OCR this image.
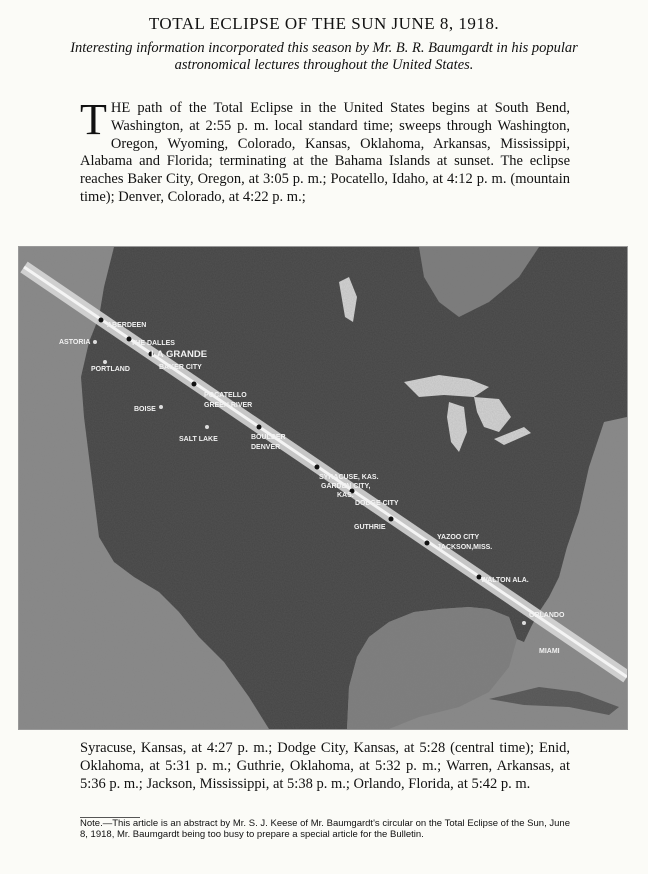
TOTAL ECLIPSE OF THE SUN JUNE 8, 1918.
Interesting information incorporated this season by Mr. B. R. Baumgardt in his popular astronomical lectures throughout the United States.
THE path of the Total Eclipse in the United States begins at South Bend, Washington, at 2:55 p. m. local standard time; sweeps through Washington, Oregon, Wyoming, Colorado, Kansas, Oklahoma, Arkansas, Mississippi, Alabama and Florida; terminating at the Bahama Islands at sunset. The eclipse reaches Baker City, Oregon, at 3:05 p. m.; Pocatello, Idaho, at 4:12 p. m. (mountain time); Denver, Colorado, at 4:22 p. m.;
ASTORIA
ABERDEEN
THE DALLES
LA GRANDE
PORTLAND	BAKER CITY
BOISE
POCATELLO
GREEN RIVER
SALT LAKE	BOULDER
DENVER
SYRACUSE, KAS.
GARDEN CITY,
KAS.
DODGE CITY
GUTHRIE
YAZOO CITY
JACKSON,MISS.
WALTON ALA.
ORLANDO
MIAMI
Syracuse, Kansas, at 4:27 p. m.; Dodge City, Kansas, at 5:28 (central time); Enid, Oklahoma, at 5:31 p. m.; Guthrie, Oklahoma, at 5:32 p. m.; Warren, Arkansas, at 5:36 p. m.; Jackson, Mississippi, at 5:38 p. m.; Orlando, Florida, at 5:42 p. m.
Note.—This article is an abstract by Mr. S. J. Keese of Mr. Baumgardt's circular on the Total Eclipse of the Sun, June 8, 1918, Mr. Baumgardt being too busy to prepare a special article for the Bulletin.
